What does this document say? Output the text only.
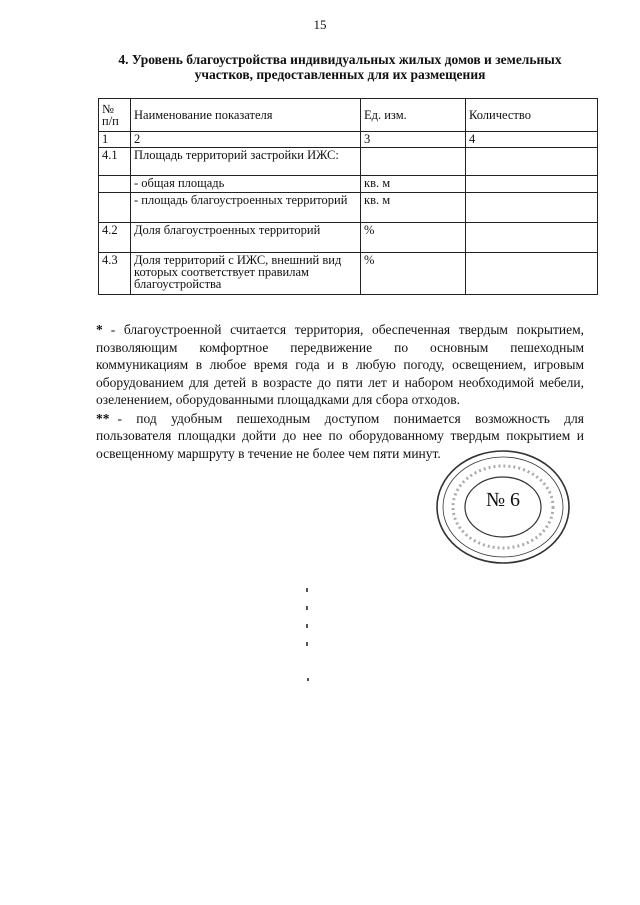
15
4. Уровень благоустройства индивидуальных жилых домов и земельных
участков, предоставленных для их размещения
№
п/п	Наименование показателя	Ед. изм.	Количество
1	2	3	4
4.1	Площадь территорий застройки ИЖС:		
	- общая площадь	кв. м	
	- площадь благоустроенных территорий	кв. м	
4.2	Доля благоустроенных территорий	%	
4.3	Доля территорий с ИЖС, внешний вид которых соответствует правилам благоустройства	%	

* - благоустроенной считается территория, обеспеченная твердым покрытием, позволяющим комфортное передвижение по основным пешеходным коммуникациям в любое время года и в любую погоду, освещением, игровым оборудованием для детей в возрасте до пяти лет и набором необходимой мебели, озеленением, оборудованными площадками для сбора отходов.

** - под удобным пешеходным доступом понимается возможность для пользователя площадки дойти до нее по оборудованному твердым покрытием и освещенному маршруту в течение не более чем пяти минут.

№ 6
